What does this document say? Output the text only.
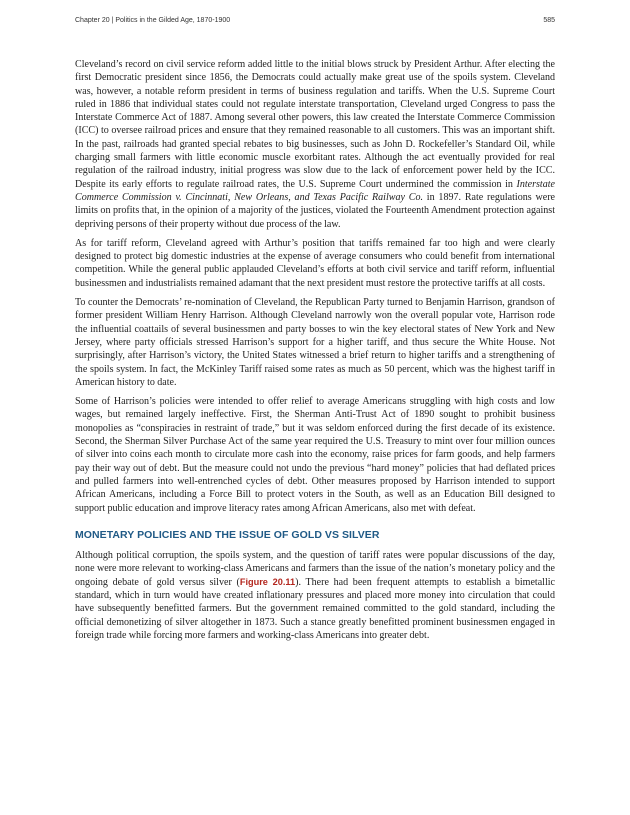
Chapter 20 | Politics in the Gilded Age, 1870-1900	585

Cleveland’s record on civil service reform added little to the initial blows struck by President Arthur. After electing the first Democratic president since 1856, the Democrats could actually make great use of the spoils system. Cleveland was, however, a notable reform president in terms of business regulation and tariffs. When the U.S. Supreme Court ruled in 1886 that individual states could not regulate interstate transportation, Cleveland urged Congress to pass the Interstate Commerce Act of 1887. Among several other powers, this law created the Interstate Commerce Commission (ICC) to oversee railroad prices and ensure that they remained reasonable to all customers. This was an important shift. In the past, railroads had granted special rebates to big businesses, such as John D. Rockefeller’s Standard Oil, while charging small farmers with little economic muscle exorbitant rates. Although the act eventually provided for real regulation of the railroad industry, initial progress was slow due to the lack of enforcement power held by the ICC. Despite its early efforts to regulate railroad rates, the U.S. Supreme Court undermined the commission in Interstate Commerce Commission v. Cincinnati, New Orleans, and Texas Pacific Railway Co. in 1897. Rate regulations were limits on profits that, in the opinion of a majority of the justices, violated the Fourteenth Amendment protection against depriving persons of their property without due process of the law.

As for tariff reform, Cleveland agreed with Arthur’s position that tariffs remained far too high and were clearly designed to protect big domestic industries at the expense of average consumers who could benefit from international competition. While the general public applauded Cleveland’s efforts at both civil service and tariff reform, influential businessmen and industrialists remained adamant that the next president must restore the protective tariffs at all costs.

To counter the Democrats’ re-nomination of Cleveland, the Republican Party turned to Benjamin Harrison, grandson of former president William Henry Harrison. Although Cleveland narrowly won the overall popular vote, Harrison rode the influential coattails of several businessmen and party bosses to win the key electoral states of New York and New Jersey, where party officials stressed Harrison’s support for a higher tariff, and thus secure the White House. Not surprisingly, after Harrison’s victory, the United States witnessed a brief return to higher tariffs and a strengthening of the spoils system. In fact, the McKinley Tariff raised some rates as much as 50 percent, which was the highest tariff in American history to date.

Some of Harrison’s policies were intended to offer relief to average Americans struggling with high costs and low wages, but remained largely ineffective. First, the Sherman Anti-Trust Act of 1890 sought to prohibit business monopolies as “conspiracies in restraint of trade,” but it was seldom enforced during the first decade of its existence. Second, the Sherman Silver Purchase Act of the same year required the U.S. Treasury to mint over four million ounces of silver into coins each month to circulate more cash into the economy, raise prices for farm goods, and help farmers pay their way out of debt. But the measure could not undo the previous “hard money” policies that had deflated prices and pulled farmers into well-entrenched cycles of debt. Other measures proposed by Harrison intended to support African Americans, including a Force Bill to protect voters in the South, as well as an Education Bill designed to support public education and improve literacy rates among African Americans, also met with defeat.

MONETARY POLICIES AND THE ISSUE OF GOLD VS SILVER

Although political corruption, the spoils system, and the question of tariff rates were popular discussions of the day, none were more relevant to working-class Americans and farmers than the issue of the nation’s monetary policy and the ongoing debate of gold versus silver (Figure 20.11). There had been frequent attempts to establish a bimetallic standard, which in turn would have created inflationary pressures and placed more money into circulation that could have subsequently benefitted farmers. But the government remained committed to the gold standard, including the official demonetizing of silver altogether in 1873. Such a stance greatly benefitted prominent businessmen engaged in foreign trade while forcing more farmers and working-class Americans into greater debt.
